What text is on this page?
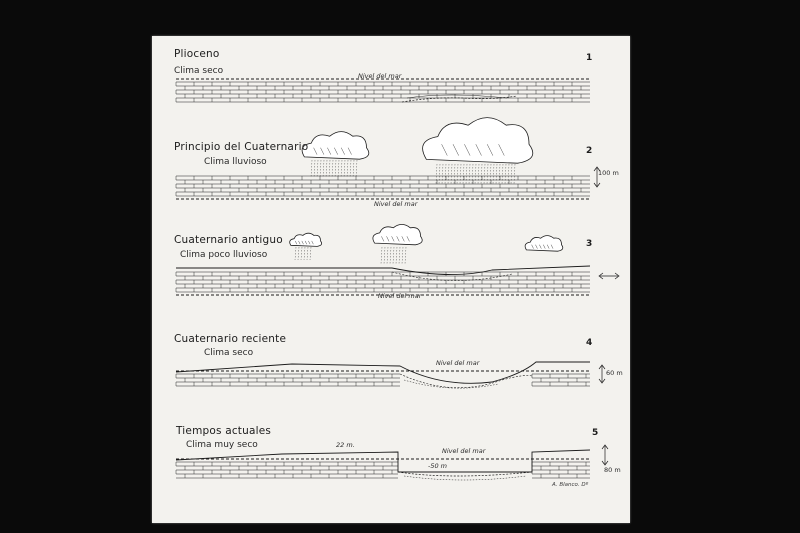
Plioceno
Clima seco
1
Nivel del mar
Principio del Cuaternario
Clima lluvioso
2
Nivel del mar
100 m
Cuaternario antiguo
Clima poco lluvioso
3
Nivel del mar
Cuaternario reciente
Clima seco
4
Nivel del mar
60 m
Tiempos actuales
Clima muy seco
5
Nivel del mar
22 m.
-50 m	80 m
A. Blanco. Dº
